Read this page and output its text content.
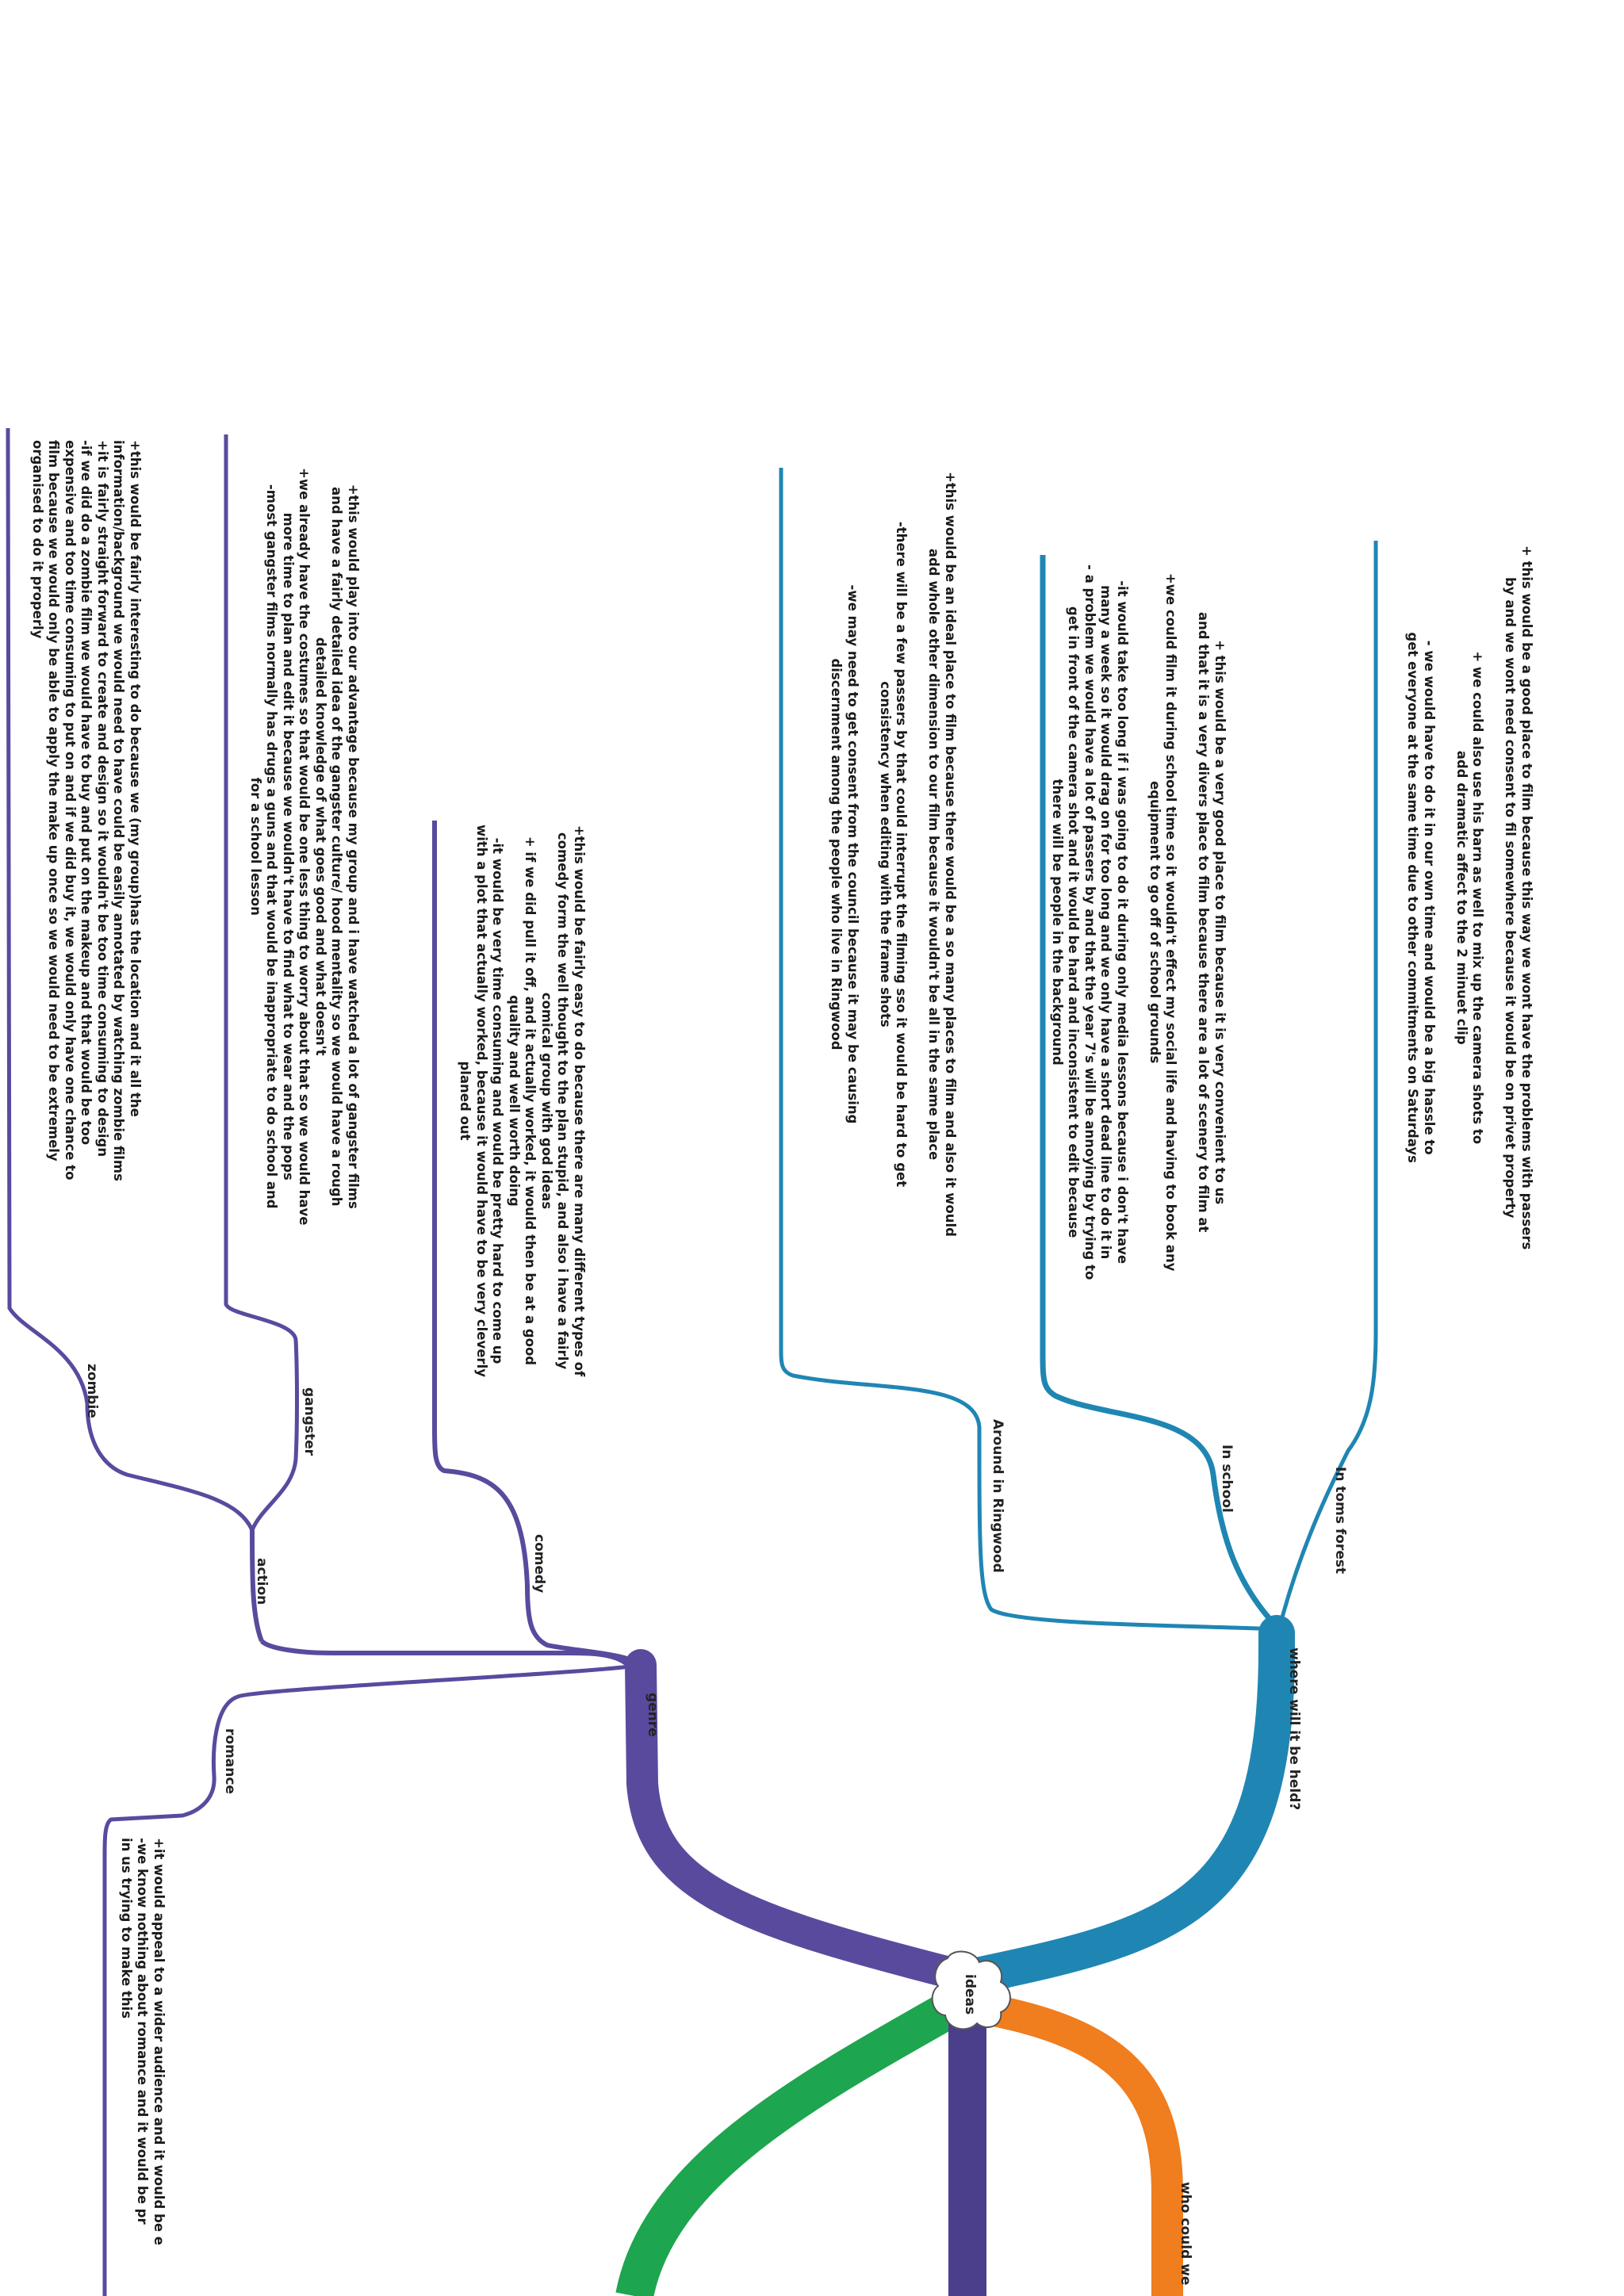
ideas
where will it be held?
In toms forest
In school
Around in Ringwood
genre
comedy
action
gangster
zombie
romance
who could we
+ this would be a good place to film because this way we wont have the problems with passers
by and we wont need consent to fil somewhere because it would be on privet property

+ we could also use his barn as well to mix up the camera shots to
add dramatic affect to the 2 minuet clip

- we would have to do it in our own time and would be a big hassle to
get everyone at the same time due to other commitments on Saturdays
+ this would be a very good place to film because it is very convenient to us
and that it is a very divers place to film because there are a lot of scenery to film at

+we could film it during school time so it wouldn't effect my social life and having to book any
equipment to go off of school grounds

-it would take too long if i was going to do it during only media lessons because i don't have
many a week so it would drag on for too long and we only have a short dead line to do it in
- a problem we would have a lot of passers by and that the year 7's will be annoying by trying to
get in front of the camera shot and it would be hard and inconsistent to edit because
there will be people in the background
+this would be an ideal place to film because there would be a so many places to film and also it would
add whole other dimension to our film because it wouldn't be all in the same place

-there will be a few passers by that could interrupt the filming sso it would be hard to get
consistency when editing with the frame shots

-we may need to get consent from the council because it may be causing
discernment among the people who live in Ringwood
+this would be fairly easy to do because there are many different types of
comedy form the well thought to the plan stupid, and also i have a fairly
comical group with god ideas
+ if we did pull it off, and it actually worked, it would then be at a good
quality and well worth doing
-it would be very time consuming and would be pretty hard to come up
with a plot that actually worked, because it would have to be very cleverly
planed out
+this would play into our advantage because my group and i have watched a lot of gangster films
and have a fairly detailed idea of the gangster culture/ hood mentality so we would have a rough
detailed knowledge of what goes good and what doesn't
+we already have the costumes so that would be one less thing to worry about that so we would have
more time to plan and edit it because we wouldn't have to find what to wear and the pops
-most gangster films normally has drugs a guns and that would be inappropriate to do school and
for a school lesson
+this would be fairly interesting to do because we (my group)has the location and it all the
information/background we would need to have could be easily annotated by watching zombie films
+it is fairly straight forward to create and design so it wouldn't be too time consuming to design
-if we did do a zombie film we would have to buy and put on the makeup and that would be too
expensive and too time consuming to put on and if we did buy it, we would only have one chance to
film because we would only be able to apply the make up once so we would need to be extremely
organised to do it properly
+it would appeal to a wider audience and it would be e
-we know nothing about romance and it would be pr
in us trying to make this
